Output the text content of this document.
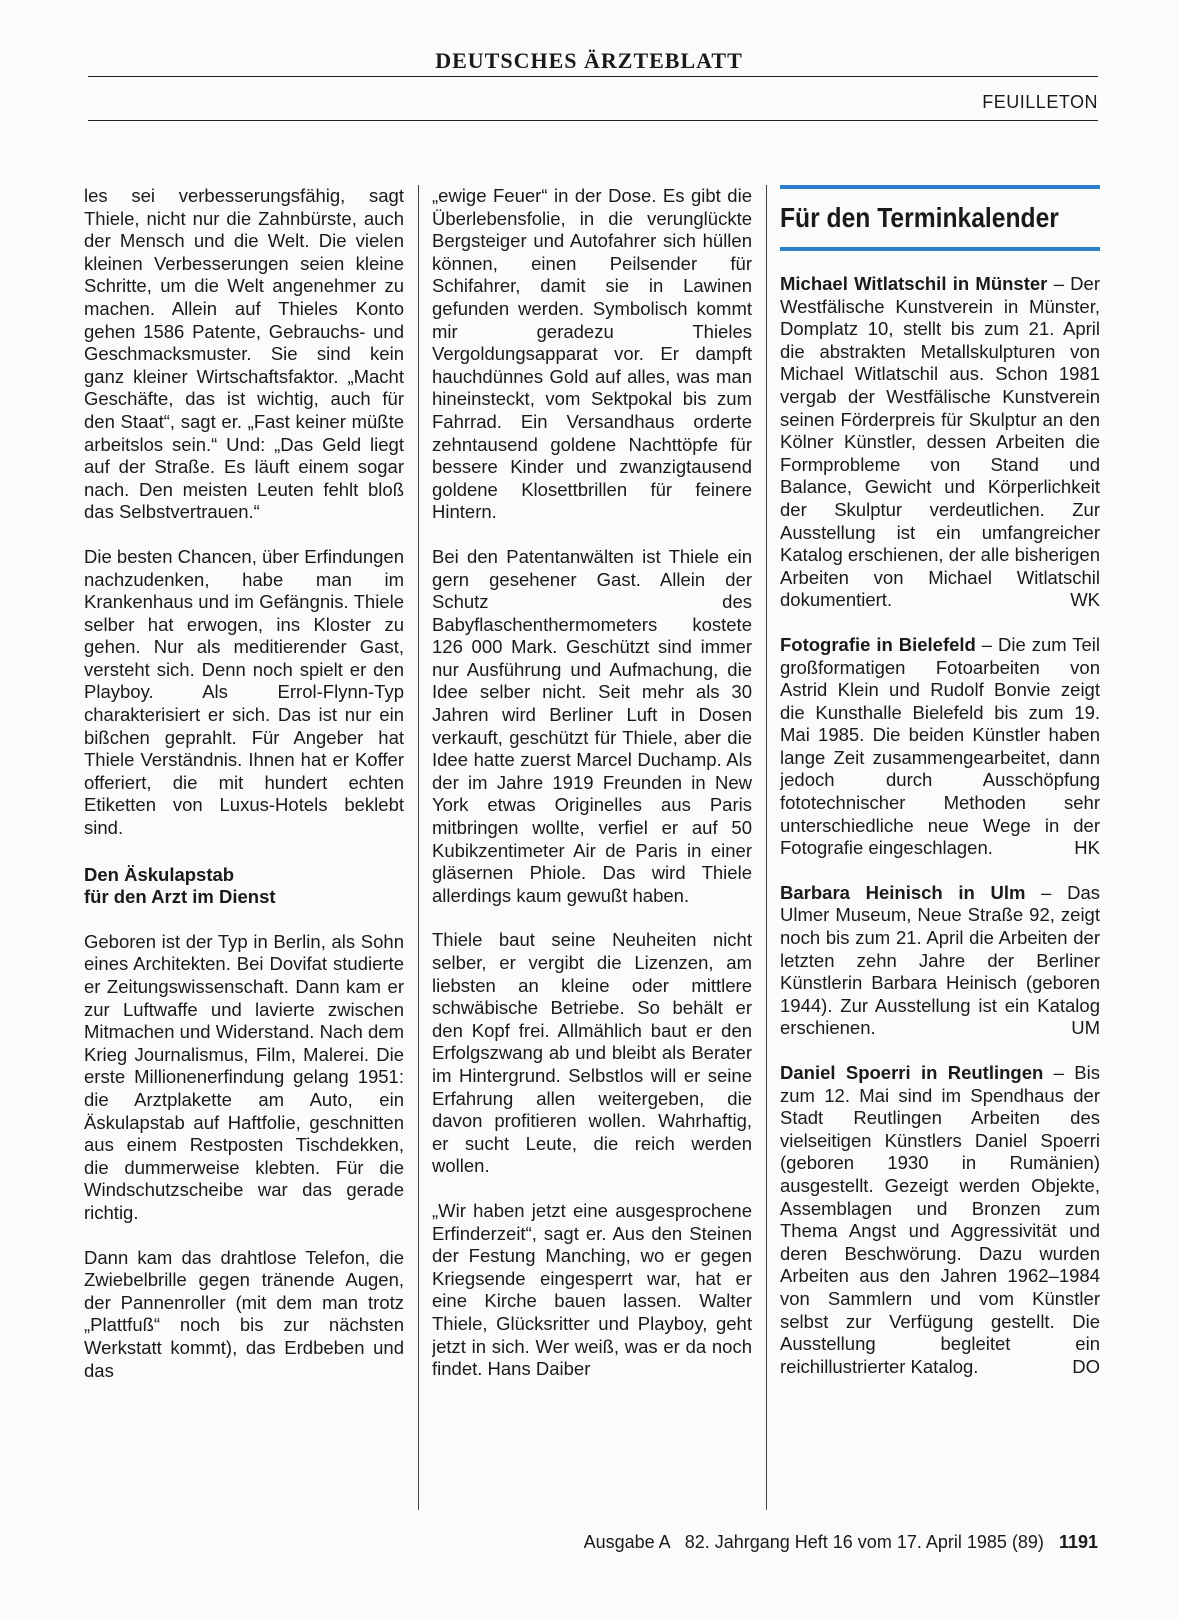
DEUTSCHES ÄRZTEBLATT
FEUILLETON

les sei verbesserungsfähig, sagt Thiele, nicht nur die Zahnbürste, auch der Mensch und die Welt. Die vielen kleinen Verbesserungen seien kleine Schritte, um die Welt angenehmer zu machen. Allein auf Thieles Konto gehen 1586 Patente, Gebrauchs- und Geschmacksmuster. Sie sind kein ganz kleiner Wirtschaftsfaktor. „Macht Geschäfte, das ist wichtig, auch für den Staat“, sagt er. „Fast keiner müßte arbeitslos sein.“ Und: „Das Geld liegt auf der Straße. Es läuft einem sogar nach. Den meisten Leuten fehlt bloß das Selbstvertrauen.“

Die besten Chancen, über Erfindungen nachzudenken, habe man im Krankenhaus und im Gefängnis. Thiele selber hat erwogen, ins Kloster zu gehen. Nur als meditierender Gast, versteht sich. Denn noch spielt er den Playboy. Als Errol-Flynn-Typ charakterisiert er sich. Das ist nur ein bißchen geprahlt. Für Angeber hat Thiele Verständnis. Ihnen hat er Koffer offeriert, die mit hundert echten Etiketten von Luxus-Hotels beklebt sind.

Den Äskulapstab
für den Arzt im Dienst

Geboren ist der Typ in Berlin, als Sohn eines Architekten. Bei Dovifat studierte er Zeitungswissenschaft. Dann kam er zur Luftwaffe und lavierte zwischen Mitmachen und Widerstand. Nach dem Krieg Journalismus, Film, Malerei. Die erste Millionenerfindung gelang 1951: die Arztplakette am Auto, ein Äskulapstab auf Haftfolie, geschnitten aus einem Restposten Tischdekken, die dummerweise klebten. Für die Windschutzscheibe war das gerade richtig.

Dann kam das drahtlose Telefon, die Zwiebelbrille gegen tränende Augen, der Pannenroller (mit dem man trotz „Plattfuß“ noch bis zur nächsten Werkstatt kommt), das Erdbeben und das

„ewige Feuer“ in der Dose. Es gibt die Überlebensfolie, in die verunglückte Bergsteiger und Autofahrer sich hüllen können, einen Peilsender für Schifahrer, damit sie in Lawinen gefunden werden. Symbolisch kommt mir geradezu Thieles Vergoldungsapparat vor. Er dampft hauchdünnes Gold auf alles, was man hineinsteckt, vom Sektpokal bis zum Fahrrad. Ein Versandhaus orderte zehntausend goldene Nachttöpfe für bessere Kinder und zwanzigtausend goldene Klosettbrillen für feinere Hintern.

Bei den Patentanwälten ist Thiele ein gern gesehener Gast. Allein der Schutz des Babyflaschenthermometers kostete 126 000 Mark. Geschützt sind immer nur Ausführung und Aufmachung, die Idee selber nicht. Seit mehr als 30 Jahren wird Berliner Luft in Dosen verkauft, geschützt für Thiele, aber die Idee hatte zuerst Marcel Duchamp. Als der im Jahre 1919 Freunden in New York etwas Originelles aus Paris mitbringen wollte, verfiel er auf 50 Kubikzentimeter Air de Paris in einer gläsernen Phiole. Das wird Thiele allerdings kaum gewußt haben.

Thiele baut seine Neuheiten nicht selber, er vergibt die Lizenzen, am liebsten an kleine oder mittlere schwäbische Betriebe. So behält er den Kopf frei. Allmählich baut er den Erfolgszwang ab und bleibt als Berater im Hintergrund. Selbstlos will er seine Erfahrung allen weitergeben, die davon profitieren wollen. Wahrhaftig, er sucht Leute, die reich werden wollen.

„Wir haben jetzt eine ausgesprochene Erfinderzeit“, sagt er. Aus den Steinen der Festung Manching, wo er gegen Kriegsende eingesperrt war, hat er eine Kirche bauen lassen. Walter Thiele, Glücksritter und Playboy, geht jetzt in sich. Wer weiß, was er da noch findet. Hans Daiber

Für den Terminkalender

Michael Witlatschil in Münster – Der Westfälische Kunstverein in Münster, Domplatz 10, stellt bis zum 21. April die abstrakten Metallskulpturen von Michael Witlatschil aus. Schon 1981 vergab der Westfälische Kunstverein seinen Förderpreis für Skulptur an den Kölner Künstler, dessen Arbeiten die Formprobleme von Stand und Balance, Gewicht und Körperlichkeit der Skulptur verdeutlichen. Zur Ausstellung ist ein umfangreicher Katalog erschienen, der alle bisherigen Arbeiten von Michael Witlatschil dokumentiert.	WK

Fotografie in Bielefeld – Die zum Teil großformatigen Fotoarbeiten von Astrid Klein und Rudolf Bonvie zeigt die Kunsthalle Bielefeld bis zum 19. Mai 1985. Die beiden Künstler haben lange Zeit zusammengearbeitet, dann jedoch durch Ausschöpfung fototechnischer Methoden sehr unterschiedliche neue Wege in der Fotografie eingeschlagen.	HK

Barbara Heinisch in Ulm – Das Ulmer Museum, Neue Straße 92, zeigt noch bis zum 21. April die Arbeiten der letzten zehn Jahre der Berliner Künstlerin Barbara Heinisch (geboren 1944). Zur Ausstellung ist ein Katalog erschienen.	UM

Daniel Spoerri in Reutlingen – Bis zum 12. Mai sind im Spendhaus der Stadt Reutlingen Arbeiten des vielseitigen Künstlers Daniel Spoerri (geboren 1930 in Rumänien) ausgestellt. Gezeigt werden Objekte, Assemblagen und Bronzen zum Thema Angst und Aggressivität und deren Beschwörung. Dazu wurden Arbeiten aus den Jahren 1962–1984 von Sammlern und vom Künstler selbst zur Verfügung gestellt. Die Ausstellung begleitet ein reichillustrierter Katalog.	DO

Ausgabe A   82. Jahrgang Heft 16 vom 17. April 1985 (89) 1191
